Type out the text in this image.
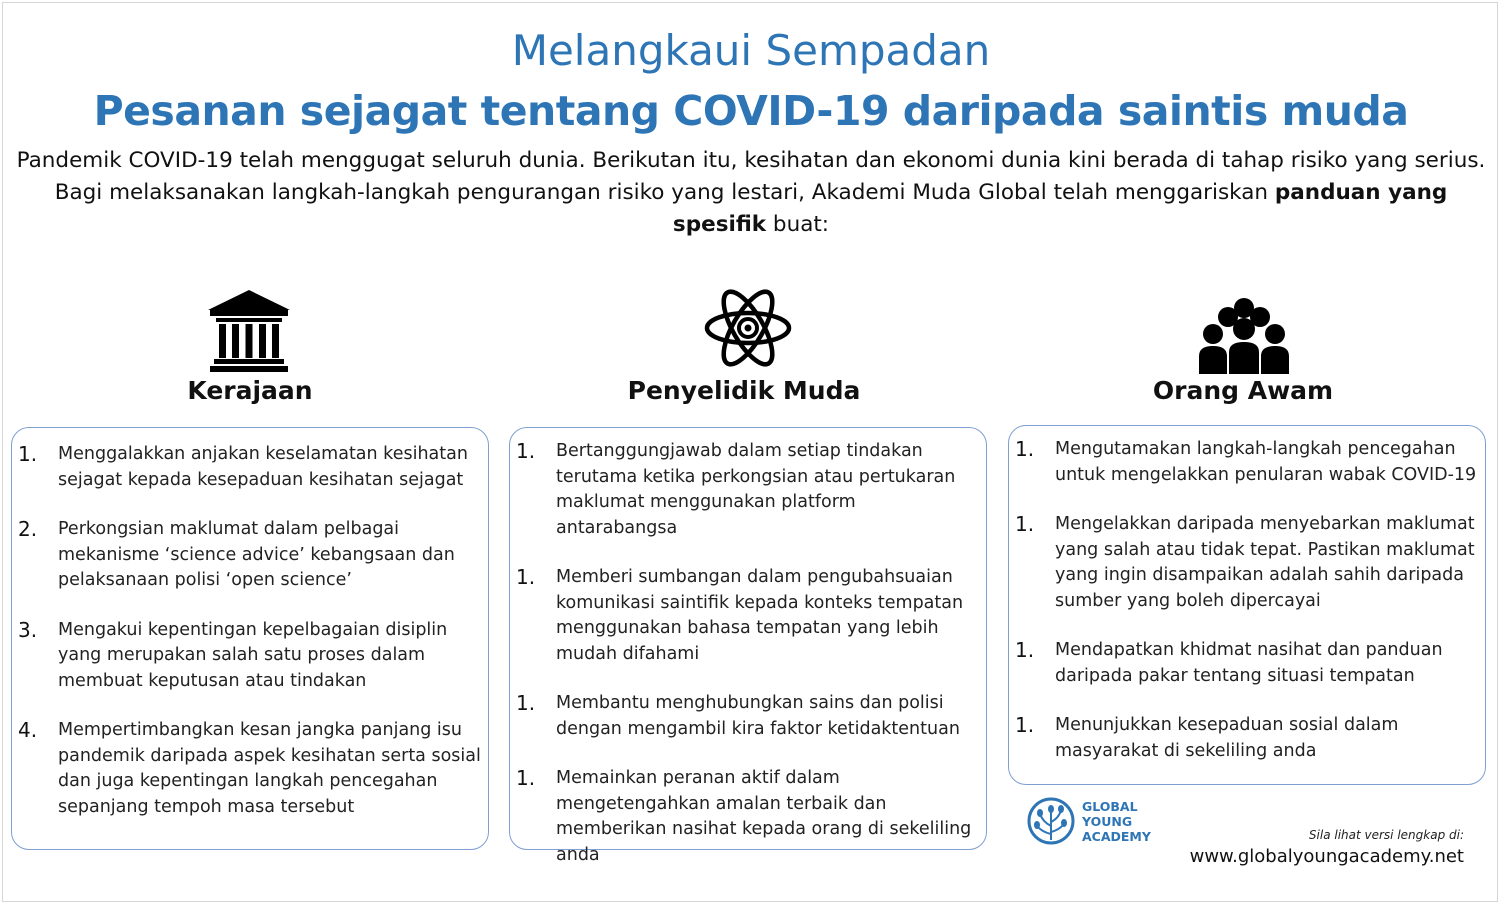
Melangkaui Sempadan
Pesanan sejagat tentang COVID-19 daripada saintis muda

Pandemik COVID-19 telah menggugat seluruh dunia. Berikutan itu, kesihatan dan ekonomi dunia kini berada di tahap risiko yang serius.

Bagi melaksanakan langkah-langkah pengurangan risiko yang lestari, Akademi Muda Global telah menggariskan panduan yang spesifik buat:

Kerajaan	Penyelidik Muda	Orang Awam
1.	Menggalakkan anjakan keselamatan kesihatan sejagat kepada kesepaduan kesihatan sejagat
2.	Perkongsian maklumat dalam pelbagai mekanisme ‘science advice’ kebangsaan dan pelaksanaan polisi ‘open science’
3.	Mengakui kepentingan kepelbagaian disiplin yang merupakan salah satu proses dalam membuat keputusan atau tindakan
4.	Mempertimbangkan kesan jangka panjang isu pandemik daripada aspek kesihatan serta sosial dan juga kepentingan langkah pencegahan sepanjang tempoh masa tersebut
1.	Bertanggungjawab dalam setiap tindakan terutama ketika perkongsian atau pertukaran maklumat menggunakan platform antarabangsa
1.	Memberi sumbangan dalam pengubahsuaian komunikasi saintifik kepada konteks tempatan menggunakan bahasa tempatan yang lebih mudah difahami
1.	Membantu menghubungkan sains dan polisi dengan mengambil kira faktor ketidaktentuan
1.	Memainkan peranan aktif dalam mengetengahkan amalan terbaik dan memberikan nasihat kepada orang di sekeliling anda
1.	Mengutamakan langkah-langkah pencegahan untuk mengelakkan penularan wabak COVID-19
1.	Mengelakkan daripada menyebarkan maklumat yang salah atau tidak tepat. Pastikan maklumat yang ingin disampaikan adalah sahih daripada sumber yang boleh dipercayai
1.	Mendapatkan khidmat nasihat dan panduan daripada pakar tentang situasi tempatan
1.	Menunjukkan kesepaduan sosial dalam masyarakat di sekeliling anda
GLOBAL
YOUNG
ACADEMY	Sila lihat versi lengkap di:
www.globalyoungacademy.net
